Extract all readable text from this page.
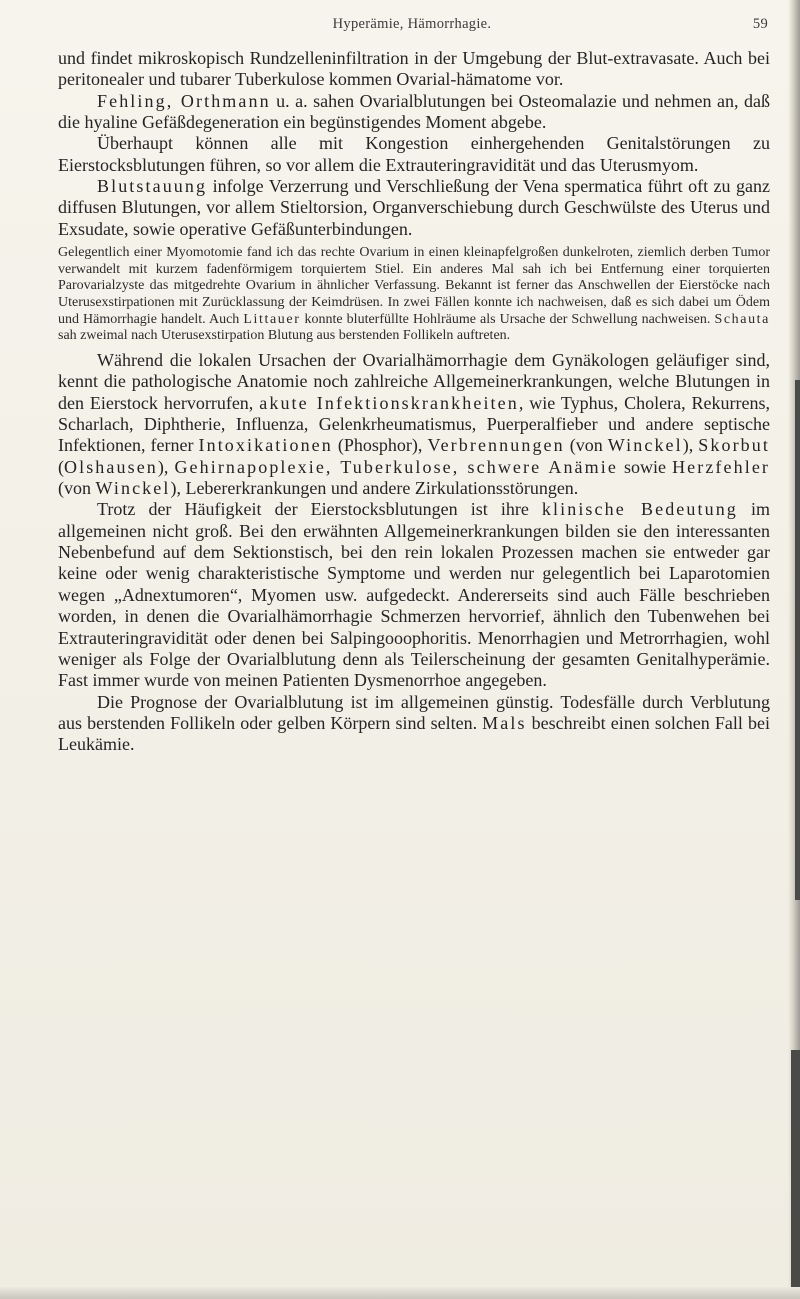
Hyperämie, Hämorrhagie.	59

und findet mikroskopisch Rundzelleninfiltration in der Umgebung der Blut-extravasate. Auch bei peritonealer und tubarer Tuberkulose kommen Ovarial-hämatome vor.

Fehling, Orthmann u. a. sahen Ovarialblutungen bei Osteomalazie und nehmen an, daß die hyaline Gefäßdegeneration ein begünstigendes Moment abgebe.

Überhaupt können alle mit Kongestion einhergehenden Genitalstörungen zu Eierstocksblutungen führen, so vor allem die Extrauteringravidität und das Uterusmyom.

Blutstauung infolge Verzerrung und Verschließung der Vena spermatica führt oft zu ganz diffusen Blutungen, vor allem Stieltorsion, Organverschiebung durch Geschwülste des Uterus und Exsudate, sowie operative Gefäßunterbindungen.

Gelegentlich einer Myomotomie fand ich das rechte Ovarium in einen kleinapfelgroßen dunkelroten, ziemlich derben Tumor verwandelt mit kurzem fadenförmigem torquiertem Stiel. Ein anderes Mal sah ich bei Entfernung einer torquierten Parovarialzyste das mitgedrehte Ovarium in ähnlicher Verfassung. Bekannt ist ferner das Anschwellen der Eierstöcke nach Uterusexstirpationen mit Zurücklassung der Keimdrüsen. In zwei Fällen konnte ich nachweisen, daß es sich dabei um Ödem und Hämorrhagie handelt. Auch Littauer konnte bluterfüllte Hohlräume als Ursache der Schwellung nachweisen. Schauta sah zweimal nach Uterusexstirpation Blutung aus berstenden Follikeln auftreten.

Während die lokalen Ursachen der Ovarialhämorrhagie dem Gynäkologen geläufiger sind, kennt die pathologische Anatomie noch zahlreiche Allgemeinerkrankungen, welche Blutungen in den Eierstock hervorrufen, akute Infektionskrankheiten, wie Typhus, Cholera, Rekurrens, Scharlach, Diphtherie, Influenza, Gelenkrheumatismus, Puerperalfieber und andere septische Infektionen, ferner Intoxikationen (Phosphor), Verbrennungen (von Winckel), Skorbut (Olshausen), Gehirnapoplexie, Tuberkulose, schwere Anämie sowie Herzfehler (von Winckel), Lebererkrankungen und andere Zirkulationsstörungen.

Trotz der Häufigkeit der Eierstocksblutungen ist ihre klinische Bedeutung im allgemeinen nicht groß. Bei den erwähnten Allgemeinerkrankungen bilden sie den interessanten Nebenbefund auf dem Sektionstisch, bei den rein lokalen Prozessen machen sie entweder gar keine oder wenig charakteristische Symptome und werden nur gelegentlich bei Laparotomien wegen „Adnextumoren“, Myomen usw. aufgedeckt. Andererseits sind auch Fälle beschrieben worden, in denen die Ovarialhämorrhagie Schmerzen hervorrief, ähnlich den Tubenwehen bei Extrauteringravidität oder denen bei Salpingooophoritis. Menorrhagien und Metrorrhagien, wohl weniger als Folge der Ovarialblutung denn als Teilerscheinung der gesamten Genitalhyperämie. Fast immer wurde von meinen Patienten Dysmenorrhoe angegeben.

Die Prognose der Ovarialblutung ist im allgemeinen günstig. Todesfälle durch Verblutung aus berstenden Follikeln oder gelben Körpern sind selten. Mals beschreibt einen solchen Fall bei Leukämie.
